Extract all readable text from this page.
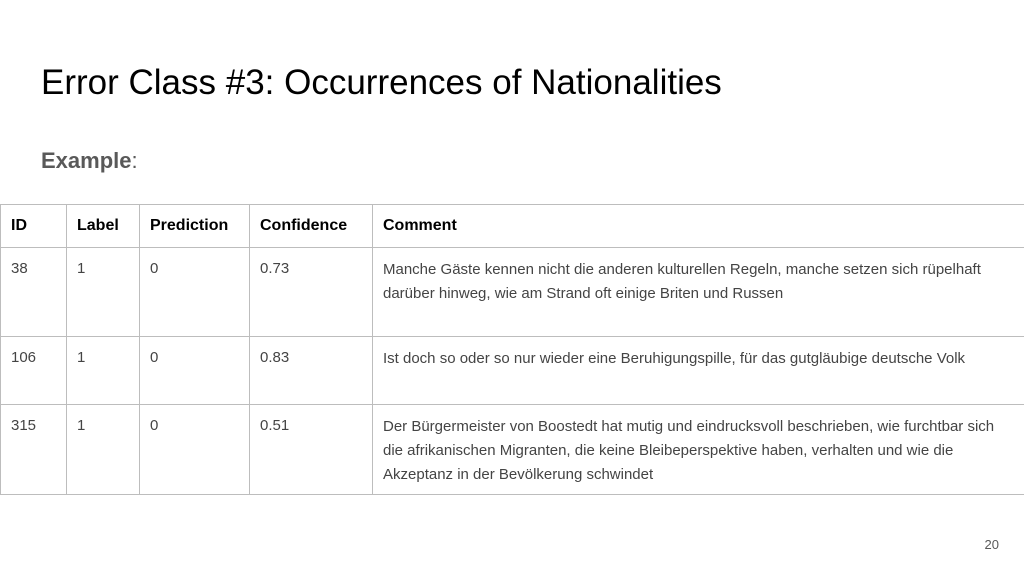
Error Class #3: Occurrences of Nationalities
Example:
ID	Label	Prediction	Confidence	Comment
38	1	0	0.73	Manche Gäste kennen nicht die anderen kulturellen Regeln, manche setzen sich rüpelhaft darüber hinweg, wie am Strand oft einige Briten und Russen
106	1	0	0.83	Ist doch so oder so nur wieder eine Beruhigungspille, für das gutgläubige deutsche Volk
315	1	0	0.51	Der Bürgermeister von Boostedt hat mutig und eindrucksvoll beschrieben, wie furchtbar sich die afrikanischen Migranten, die keine Bleibeperspektive haben, verhalten und wie die Akzeptanz in der Bevölkerung schwindet
20
